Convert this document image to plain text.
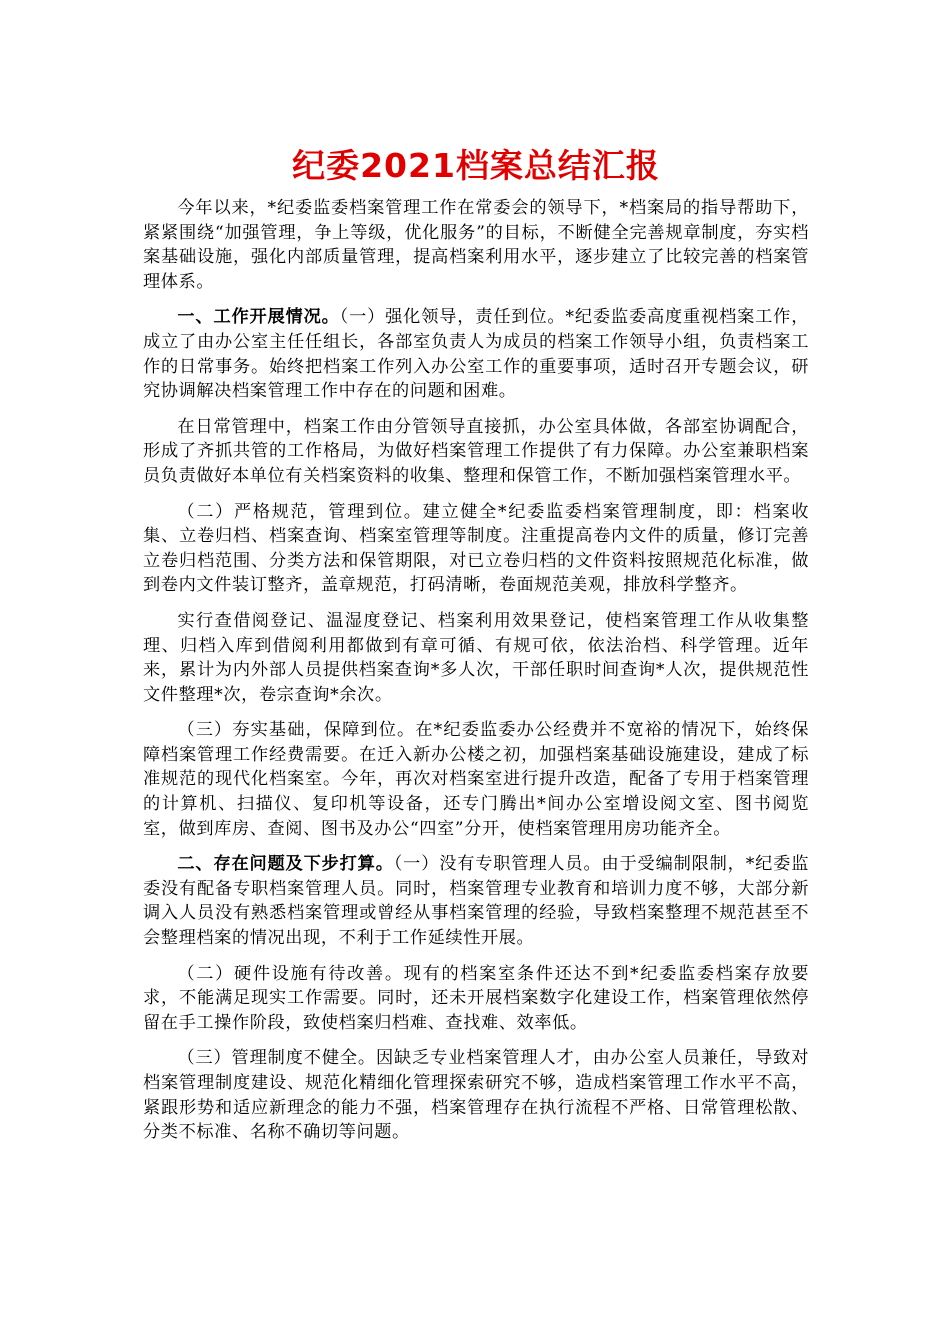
纪委2021档案总结汇报

今年以来，*纪委监委档案管理工作在常委会的领导下，*档案局的指导帮助下，紧紧围绕“加强管理，争上等级，优化服务”的目标，不断健全完善规章制度，夯实档案基础设施，强化内部质量管理，提高档案利用水平，逐步建立了比较完善的档案管理体系。

一、工作开展情况。（一）强化领导，责任到位。*纪委监委高度重视档案工作，成立了由办公室主任任组长，各部室负责人为成员的档案工作领导小组，负责档案工作的日常事务。始终把档案工作列入办公室工作的重要事项，适时召开专题会议，研究协调解决档案管理工作中存在的问题和困难。

在日常管理中，档案工作由分管领导直接抓，办公室具体做，各部室协调配合，形成了齐抓共管的工作格局，为做好档案管理工作提供了有力保障。办公室兼职档案员负责做好本单位有关档案资料的收集、整理和保管工作，不断加强档案管理水平。

（二）严格规范，管理到位。建立健全*纪委监委档案管理制度，即：档案收集、立卷归档、档案查询、档案室管理等制度。注重提高卷内文件的质量，修订完善立卷归档范围、分类方法和保管期限，对已立卷归档的文件资料按照规范化标准，做到卷内文件装订整齐，盖章规范，打码清晰，卷面规范美观，排放科学整齐。

实行查借阅登记、温湿度登记、档案利用效果登记，使档案管理工作从收集整理、归档入库到借阅利用都做到有章可循、有规可依，依法治档、科学管理。近年来，累计为内外部人员提供档案查询*多人次，干部任职时间查询*人次，提供规范性文件整理*次，卷宗查询*余次。

（三）夯实基础，保障到位。在*纪委监委办公经费并不宽裕的情况下，始终保障档案管理工作经费需要。在迁入新办公楼之初，加强档案基础设施建设，建成了标准规范的现代化档案室。今年，再次对档案室进行提升改造，配备了专用于档案管理的计算机、扫描仪、复印机等设备，还专门腾出*间办公室增设阅文室、图书阅览室，做到库房、查阅、图书及办公“四室”分开，使档案管理用房功能齐全。

二、存在问题及下步打算。（一）没有专职管理人员。由于受编制限制，*纪委监委没有配备专职档案管理人员。同时，档案管理专业教育和培训力度不够，大部分新调入人员没有熟悉档案管理或曾经从事档案管理的经验，导致档案整理不规范甚至不会整理档案的情况出现，不利于工作延续性开展。

（二）硬件设施有待改善。现有的档案室条件还达不到*纪委监委档案存放要求，不能满足现实工作需要。同时，还未开展档案数字化建设工作，档案管理依然停留在手工操作阶段，致使档案归档难、查找难、效率低。

（三）管理制度不健全。因缺乏专业档案管理人才，由办公室人员兼任，导致对档案管理制度建设、规范化精细化管理探索研究不够，造成档案管理工作水平不高，紧跟形势和适应新理念的能力不强，档案管理存在执行流程不严格、日常管理松散、分类不标准、名称不确切等问题。
